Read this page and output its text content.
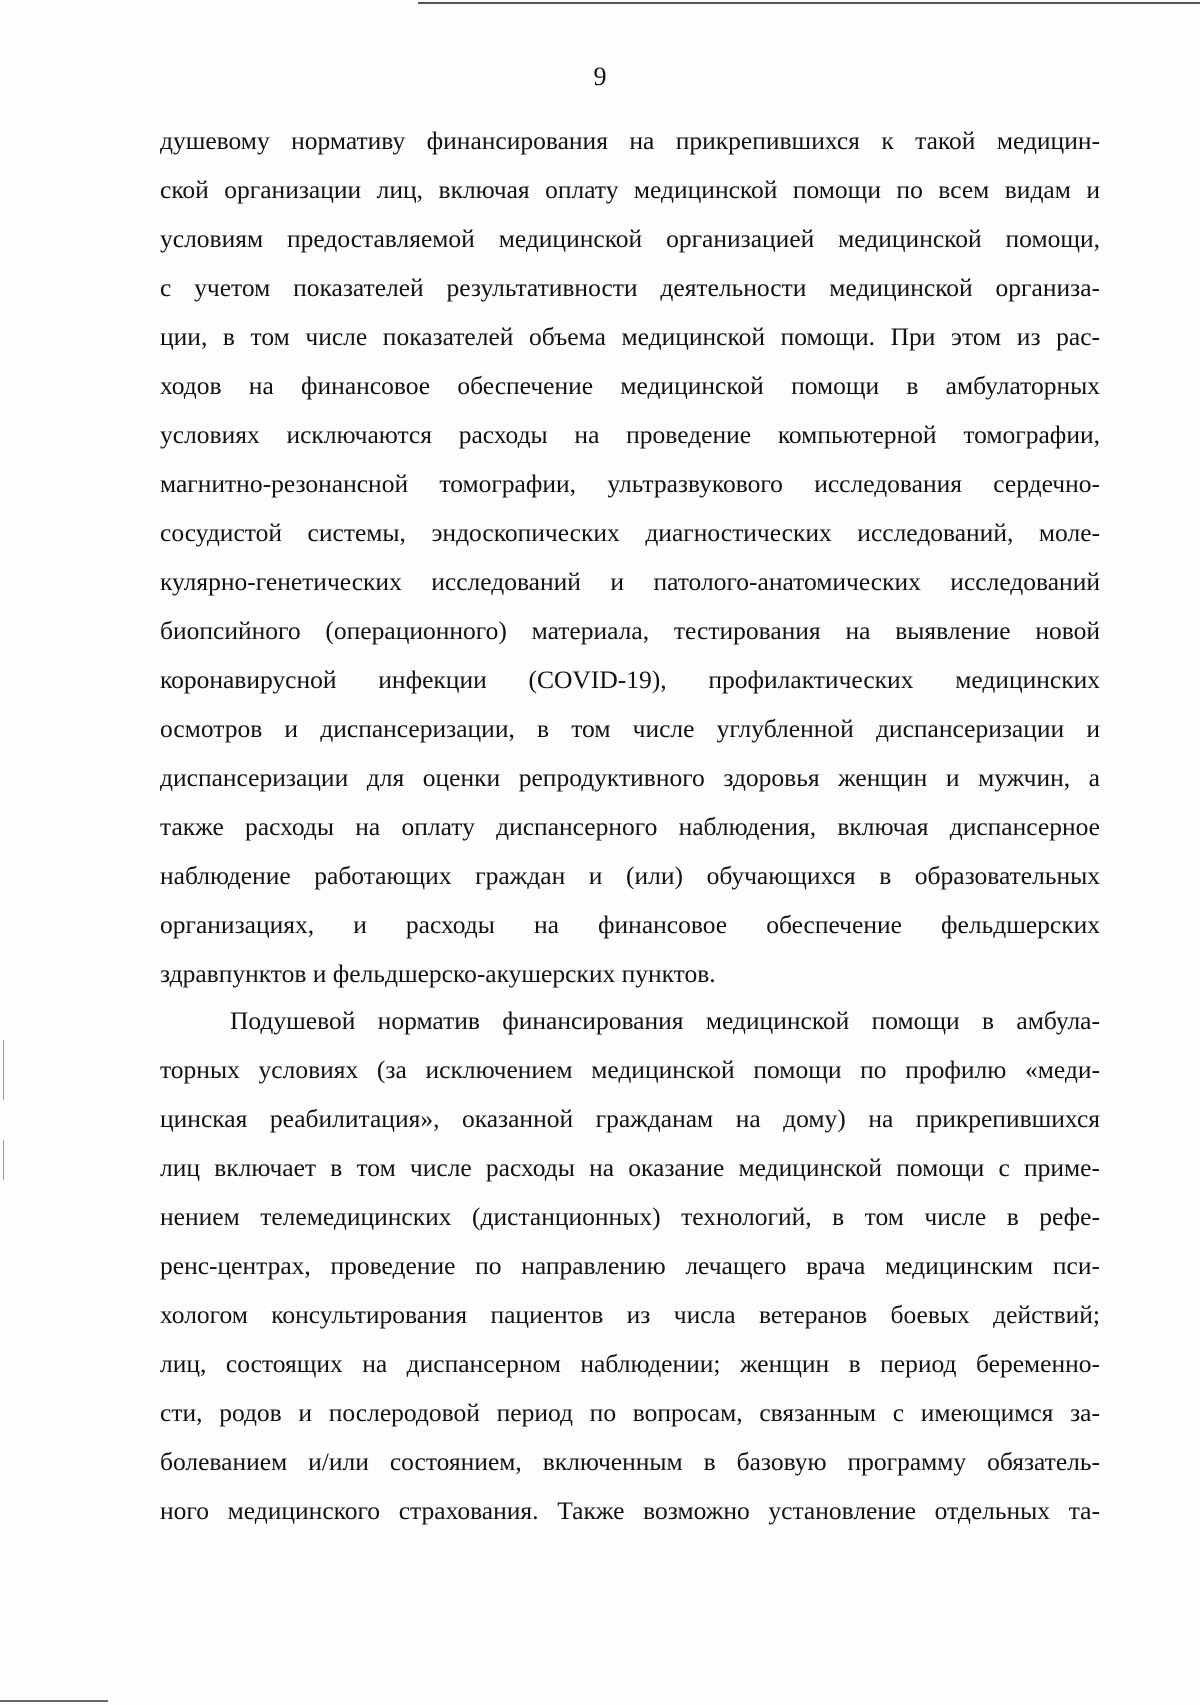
9
душевому нормативу финансирования на прикрепившихся к такой медицин-
ской организации лиц, включая оплату медицинской помощи по всем видам и
условиям предоставляемой медицинской организацией медицинской помощи,
с учетом показателей результативности деятельности медицинской организа-
ции, в том числе показателей объема медицинской помощи. При этом из рас-
ходов на финансовое обеспечение медицинской помощи в амбулаторных
условиях исключаются расходы на проведение компьютерной томографии,
магнитно-резонансной томографии, ультразвукового исследования сердечно-
сосудистой системы, эндоскопических диагностических исследований, моле-
кулярно-генетических исследований и патолого-анатомических исследований
биопсийного (операционного) материала, тестирования на выявление новой
коронавирусной инфекции (COVID-19), профилактических медицинских
осмотров и диспансеризации, в том числе углубленной диспансеризации и
диспансеризации для оценки репродуктивного здоровья женщин и мужчин, а
также расходы на оплату диспансерного наблюдения, включая диспансерное
наблюдение работающих граждан и (или) обучающихся в образовательных
организациях, и расходы на финансовое обеспечение фельдшерских
здравпунктов и фельдшерско-акушерских пунктов.
Подушевой норматив финансирования медицинской помощи в амбула-
торных условиях (за исключением медицинской помощи по профилю «меди-
цинская реабилитация», оказанной гражданам на дому) на прикрепившихся
лиц включает в том числе расходы на оказание медицинской помощи с приме-
нением телемедицинских (дистанционных) технологий, в том числе в рефе-
ренс-центрах, проведение по направлению лечащего врача медицинским пси-
хологом консультирования пациентов из числа ветеранов боевых действий;
лиц, состоящих на диспансерном наблюдении; женщин в период беременно-
сти, родов и послеродовой период по вопросам, связанным с имеющимся за-
болеванием и/или состоянием, включенным в базовую программу обязатель-
ного медицинского страхования. Также возможно установление отдельных та-
